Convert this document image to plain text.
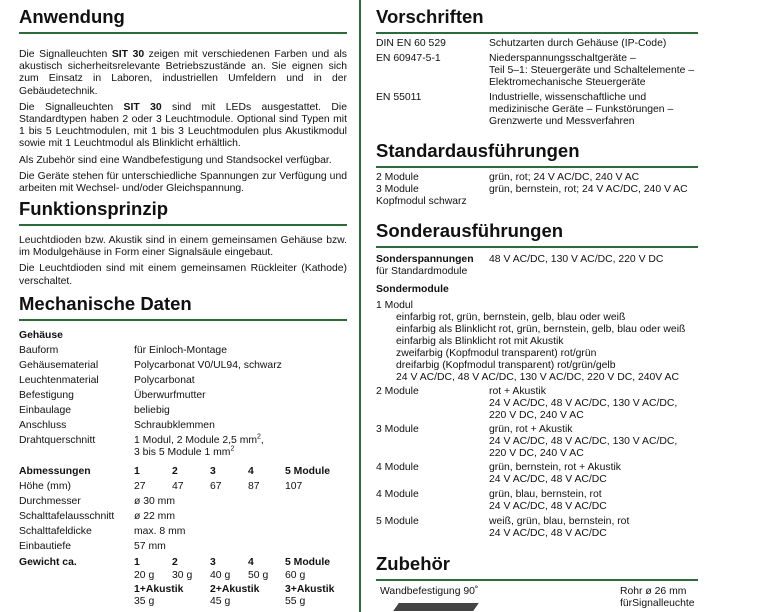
Anwendung

Die Signalleuchten SIT 30 zeigen mit verschiedenen Farben und als akustisch sicherheitsrelevante Betriebszustände an. Sie eignen sich zum Einsatz in Laboren, industriellen Umfeldern und in der Gebäudetechnik.

Die Signalleuchten SIT 30 sind mit LEDs ausgestattet. Die Standardtypen haben 2 oder 3 Leuchtmodule. Optional sind Typen mit 1 bis 5 Leuchtmodulen, mit 1 bis 3 Leuchtmodulen plus Akustikmodul sowie mit 1 Leuchtmodul als Blinklicht erhältlich.

Als Zubehör sind eine Wandbefestigung und Standsockel verfügbar.

Die Geräte stehen für unterschiedliche Spannungen zur Verfügung und arbeiten mit Wechsel- und/oder Gleichspannung.

Funktionsprinzip

Leuchtdioden bzw. Akustik sind in einem gemeinsamen Gehäuse bzw. im Modulgehäuse in Form einer Signalsäule eingebaut.

Die Leuchtdioden sind mit einem gemeinsamen Rückleiter (Kathode) verschaltet.

Mechanische Daten
Gehäuse
Bauform	für Einloch-Montage
Gehäusematerial	Polycarbonat V0/UL94, schwarz
Leuchtenmaterial	Polycarbonat
Befestigung	Überwurfmutter
Einbaulage	beliebig
Anschluss	Schraubklemmen
Drahtquerschnitt	1 Modul, 2 Module 2,5 $mm^2$,
3 bis 5 Module 1 $mm^2$
Abmessungen	1	2	3	4	5 Module
Höhe (mm)	27	47	67	87 107
Durchmesser	ø 30 mm
Schalttafelausschnitt ø 22 mm
Schalttafeldicke	max. 8 mm
Einbautiefe	57 mm
Gewicht ca.	1	2	3	4	5 Module
20 g 30 g 40 g 50 g 60 g
1+Akustik	2+Akustik 3+Akustik
35 g	45 g	55 g
Vorschriften
DIN EN 60 529	Schutzarten durch Gehäuse (IP-Code)
EN 60947-5-1	Niederspannungsschaltgeräte –
Teil 5–1: Steuergeräte und Schaltelemente –
Elektromechanische Steuergeräte
EN 55011	Industrielle, wissenschaftliche und
medizinische Geräte – Funkstörungen –
Grenzwerte und Messverfahren
Standardausführungen
2 Module	grün, rot; 24 V AC/DC, 240 V AC
3 Module	grün, bernstein, rot; 24 V AC/DC, 240 V AC
Kopfmodul schwarz
Sonderausführungen
Sonderspannungen 48 V AC/DC, 130 V AC/DC, 220 V DC
für Standardmodule
Sondermodule
1 Modul
einfarbig rot, grün, bernstein, gelb, blau oder weiß
einfarbig als Blinklicht rot, grün, bernstein, gelb, blau oder weiß
einfarbig als Blinklicht rot mit Akustik
zweifarbig (Kopfmodul transparent) rot/grün
dreifarbig (Kopfmodul transparent) rot/grün/gelb
24 V AC/DC, 48 V AC/DC, 130 V AC/DC, 220 V DC, 240V AC
2 Module	rot + Akustik
24 V AC/DC, 48 V AC/DC, 130 V AC/DC,
220 V DC, 240 V AC
3 Module	grün, rot + Akustik
24 V AC/DC, 48 V AC/DC, 130 V AC/DC,
220 V DC, 240 V AC
4 Module	grün, bernstein, rot + Akustik
24 V AC/DC, 48 V AC/DC
4 Module	grün, blau, bernstein, rot
24 V AC/DC, 48 V AC/DC
5 Module	weiß, grün, blau, bernstein, rot
24 V AC/DC, 48 V AC/DC
Zubehör
Wandbefestigung 90˚	Rohr ø 26 mm
fürSignalleuchte
